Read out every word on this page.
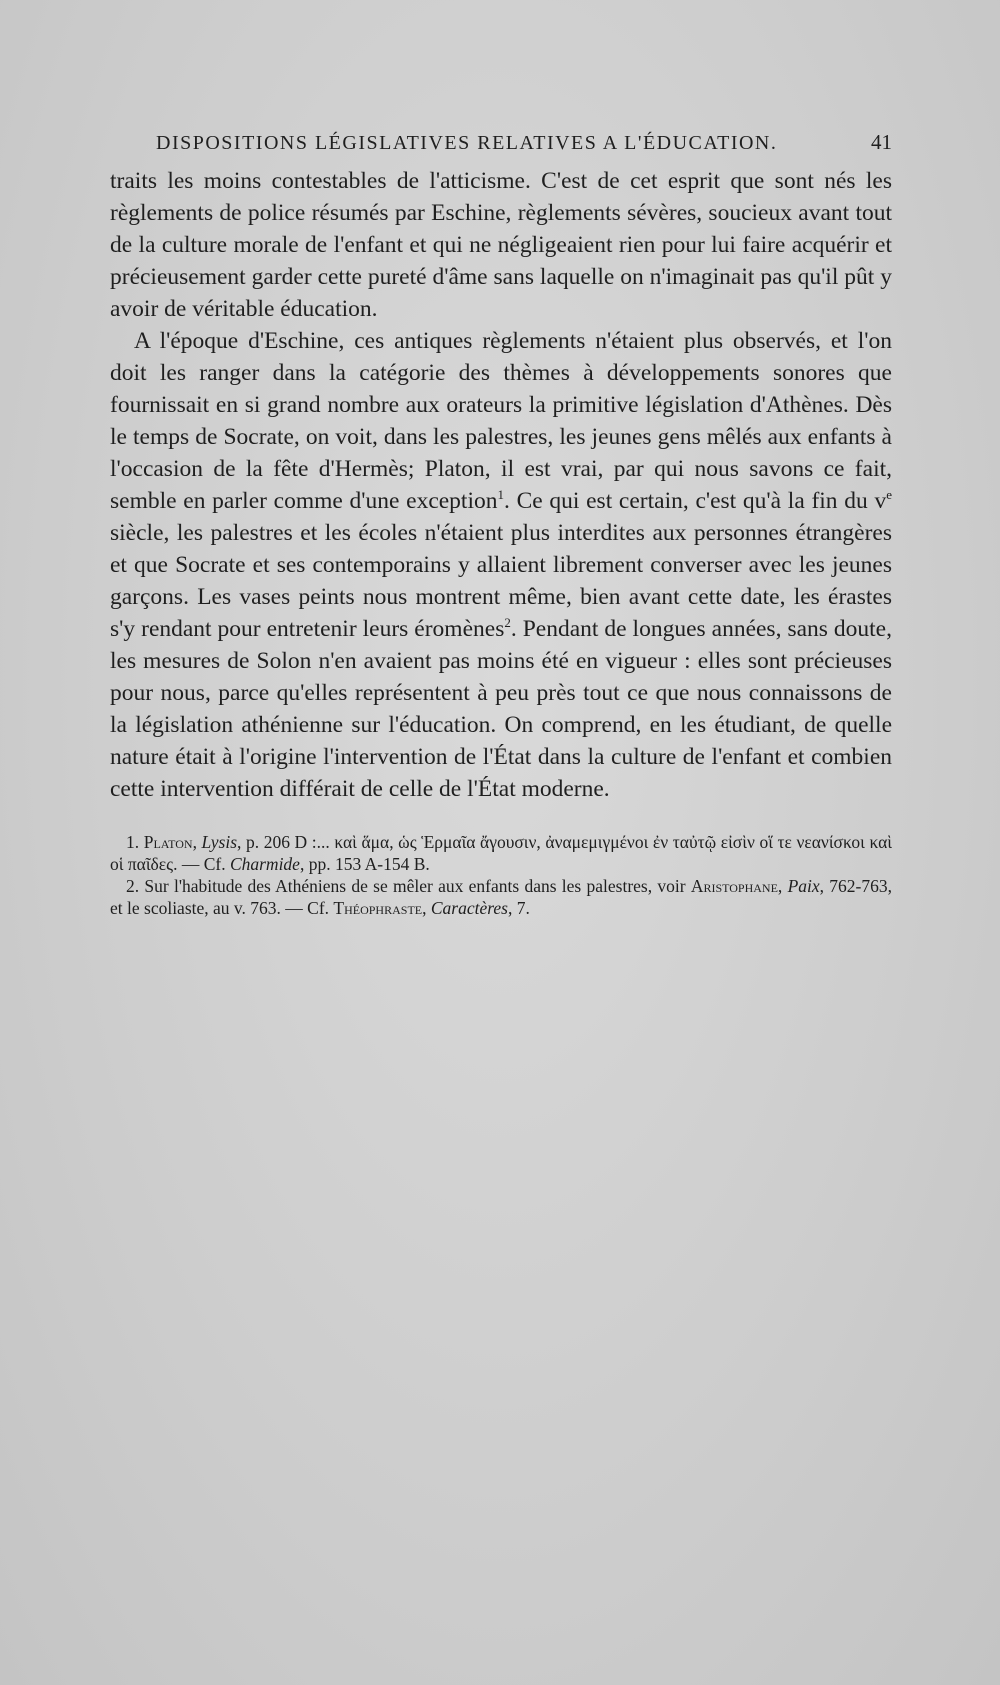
DISPOSITIONS LÉGISLATIVES RELATIVES A L'ÉDUCATION.	41

traits les moins contestables de l'atticisme. C'est de cet esprit que sont nés les règlements de police résumés par Eschine, règlements sévères, soucieux avant tout de la culture morale de l'enfant et qui ne négligeaient rien pour lui faire acquérir et précieusement garder cette pureté d'âme sans laquelle on n'imaginait pas qu'il pût y avoir de véritable éducation.

A l'époque d'Eschine, ces antiques règlements n'étaient plus observés, et l'on doit les ranger dans la catégorie des thèmes à développements sonores que fournissait en si grand nombre aux orateurs la primitive législation d'Athènes. Dès le temps de Socrate, on voit, dans les palestres, les jeunes gens mêlés aux enfants à l'occasion de la fête d'Hermès; Platon, il est vrai, par qui nous savons ce fait, semble en parler comme d'une exception$^1$. Ce qui est certain, c'est qu'à la fin du $v^e$ siècle, les palestres et les écoles n'étaient plus interdites aux personnes étrangères et que Socrate et ses contemporains y allaient librement converser avec les jeunes garçons. Les vases peints nous montrent même, bien avant cette date, les érastes s'y rendant pour entretenir leurs éromènes$^2$. Pendant de longues années, sans doute, les mesures de Solon n'en avaient pas moins été en vigueur : elles sont précieuses pour nous, parce qu'elles représentent à peu près tout ce que nous connaissons de la législation athénienne sur l'éducation. On comprend, en les étudiant, de quelle nature était à l'origine l'intervention de l'État dans la culture de l'enfant et combien cette intervention différait de celle de l'État moderne.

1. Platon, Lysis, p. 206 D :... καὶ ἅμα, ὡς Ἑρμαῖα ἄγουσιν, ἀναμεμιγμένοι ἐν ταὐτῷ εἰσὶν οἵ τε νεανίσκοι καὶ οἱ παῖδες. — Cf. Charmide, pp. 153 A-154 B.

2. Sur l'habitude des Athéniens de se mêler aux enfants dans les palestres, voir Aristophane, Paix, 762-763, et le scoliaste, au v. 763. — Cf. Théophraste, Caractères, 7.
